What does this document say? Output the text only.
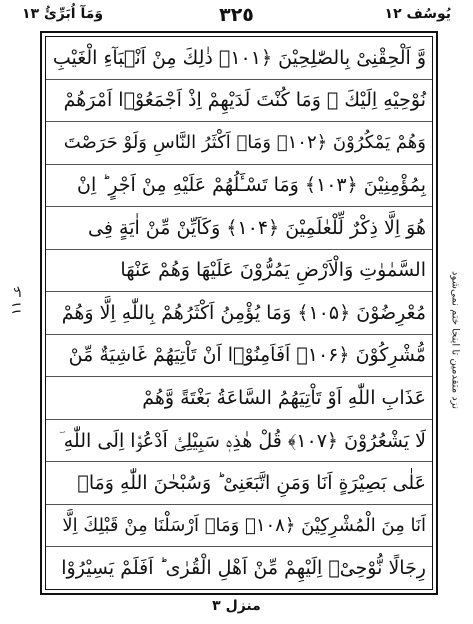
يُوسُف ١٢
٣٢٥
وَمَآ اُبَرِّئُ ١٣
عـ ۱۱	نزد متقدمین تا اینجا ختم نمی‌شود
وَّ اَلْحِقْنِیْ بِالصّٰلِحِیْنَ ﴿۱۰۱﴾ ذٰلِكَ مِنْ اَنْۢبَآءِ الْغَیْبِ
نُوْحِیْهِ اِلَیْكَ ۚ وَمَا كُنْتَ لَدَیْهِمْ اِذْ اَجْمَعُوْۤا اَمْرَهُمْ
وَهُمْ یَمْكُرُوْنَ ﴿۱۰۲﴾ وَمَاۤ اَكْثَرُ النَّاسِ وَلَوْ حَرَصْتَ
بِمُؤْمِنِیْنَ ﴿۱۰۳﴾ وَمَا تَسْـَٔلُهُمْ عَلَیْهِ مِنْ اَجْرٍ ؕ اِنْ
هُوَ اِلَّا ذِكْرٌ لِّلْعٰلَمِیْنَ ﴿۱۰۴﴾ وَكَاَیِّنْ مِّنْ اٰیَةٍ فِی
السَّمٰوٰتِ وَالْاَرْضِ یَمُرُّوْنَ عَلَیْهَا وَهُمْ عَنْهَا
مُعْرِضُوْنَ ﴿۱۰۵﴾ وَمَا یُؤْمِنُ اَكْثَرُهُمْ بِاللّٰهِ اِلَّا وَهُمْ
مُّشْرِكُوْنَ ﴿۱۰۶﴾ اَفَاَمِنُوْۤا اَنْ تَاْتِیَهُمْ غَاشِیَةٌ مِّنْ
عَذَابِ اللّٰهِ اَوْ تَاْتِیَهُمُ السَّاعَةُ بَغْتَةً وَّهُمْ
لَا یَشْعُرُوْنَ ﴿۱۰۷﴾ قُلْ هٰذِهٖ سَبِیْلِیْۤ اَدْعُوْۤا اِلَى اللّٰهِ ؔ
عَلٰى بَصِیْرَةٍ اَنَا وَمَنِ اتَّبَعَنِیْ ؕ وَسُبْحٰنَ اللّٰهِ وَمَاۤ
اَنَا مِنَ الْمُشْرِكِیْنَ ﴿۱۰۸﴾ وَمَاۤ اَرْسَلْنَا مِنْ قَبْلِكَ اِلَّا
رِجَالًا نُّوْحِیْۤ اِلَیْهِمْ مِّنْ اَهْلِ الْقُرٰى ؕ اَفَلَمْ یَسِیْرُوْا
منزل ٣
